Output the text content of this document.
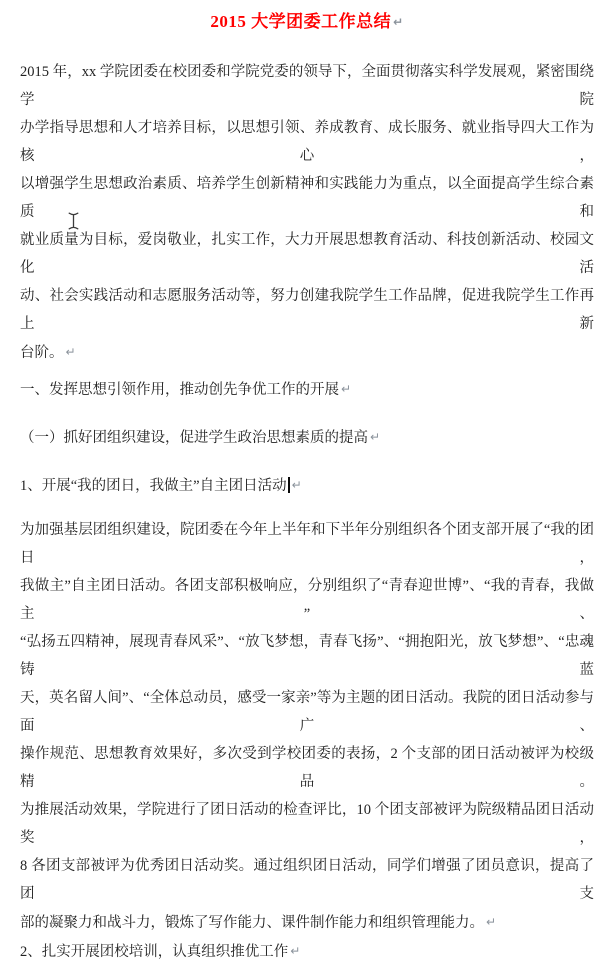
2015 大学团委工作总结 ↵
2015 年，xx 学院团委在校团委和学院党委的领导下，全面贯彻落实科学发展观，紧密围绕学院
办学指导思想和人才培养目标，以思想引领、养成教育、成长服务、就业指导四大工作为核心，
以增强学生思想政治素质、培养学生创新精神和实践能力为重点，以全面提高学生综合素质和
就业质量为目标，爱岗敬业，扎实工作，大力开展思想教育活动、科技创新活动、校园文化活
动、社会实践活动和志愿服务活动等，努力创建我院学生工作品牌，促进我院学生工作再上新
台阶。 ↵
一、发挥思想引领作用，推动创先争优工作的开展 ↵
（一）抓好团组织建设，促进学生政治思想素质的提高 ↵
1、开展“我的团日，我做主”自主团日活动 ↵
为加强基层团组织建设，院团委在今年上半年和下半年分别组织各个团支部开展了“我的团日，
我做主”自主团日活动。各团支部积极响应，分别组织了“青春迎世博”、“我的青春，我做主”、
“弘扬五四精神，展现青春风采”、“放飞梦想，青春飞扬”、“拥抱阳光，放飞梦想”、“忠魂铸蓝
天，英名留人间”、“全体总动员，感受一家亲”等为主题的团日活动。我院的团日活动参与面广、
操作规范、思想教育效果好，多次受到学校团委的表扬，2 个支部的团日活动被评为校级精品。
为推展活动效果，学院进行了团日活动的检查评比，10 个团支部被评为院级精品团日活动奖，
8 各团支部被评为优秀团日活动奖。通过组织团日活动，同学们增强了团员意识，提高了团支
部的凝聚力和战斗力，锻炼了写作能力、课件制作能力和组织管理能力。 ↵
2、扎实开展团校培训，认真组织推优工作 ↵
